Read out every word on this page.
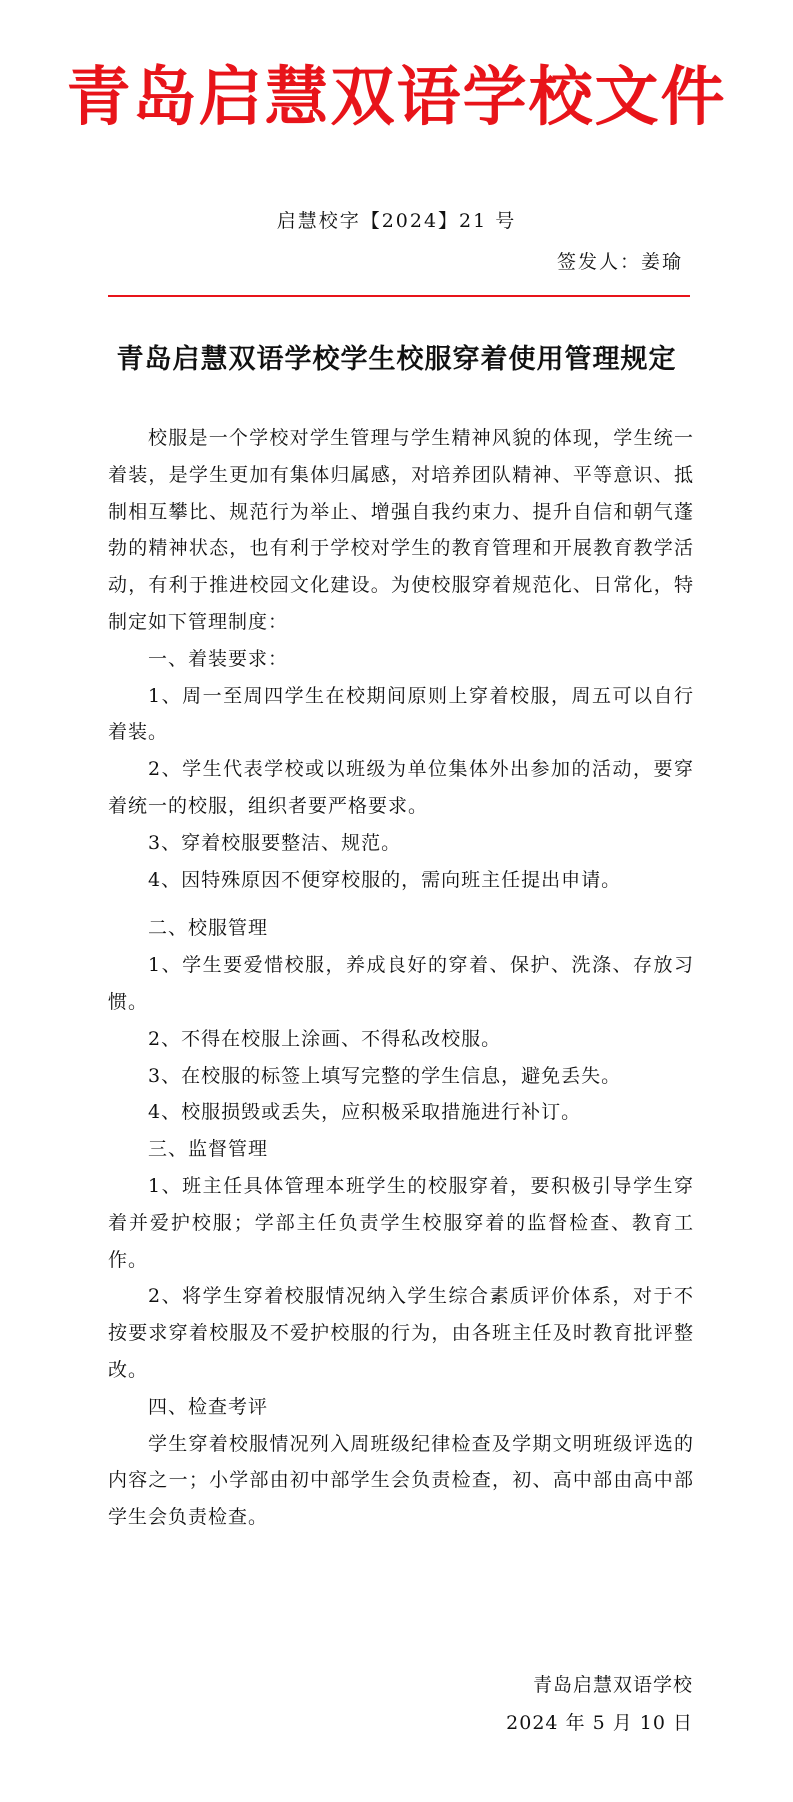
青岛启慧双语学校文件
启慧校字【2024】21 号
签发人：姜瑜
青岛启慧双语学校学生校服穿着使用管理规定

校服是一个学校对学生管理与学生精神风貌的体现，学生统一着装，是学生更加有集体归属感，对培养团队精神、平等意识、抵制相互攀比、规范行为举止、增强自我约束力、提升自信和朝气蓬勃的精神状态，也有利于学校对学生的教育管理和开展教育教学活动，有利于推进校园文化建设。为使校服穿着规范化、日常化，特制定如下管理制度：

一、着装要求：

1、周一至周四学生在校期间原则上穿着校服，周五可以自行着装。

2、学生代表学校或以班级为单位集体外出参加的活动，要穿着统一的校服，组织者要严格要求。

3、穿着校服要整洁、规范。

4、因特殊原因不便穿校服的，需向班主任提出申请。

二、校服管理

1、学生要爱惜校服，养成良好的穿着、保护、洗涤、存放习惯。

2、不得在校服上涂画、不得私改校服。

3、在校服的标签上填写完整的学生信息，避免丢失。

4、校服损毁或丢失，应积极采取措施进行补订。

三、监督管理

1、班主任具体管理本班学生的校服穿着，要积极引导学生穿着并爱护校服；学部主任负责学生校服穿着的监督检查、教育工作。

2、将学生穿着校服情况纳入学生综合素质评价体系，对于不按要求穿着校服及不爱护校服的行为，由各班主任及时教育批评整改。

四、检查考评

学生穿着校服情况列入周班级纪律检查及学期文明班级评选的内容之一；小学部由初中部学生会负责检查，初、高中部由高中部学生会负责检查。

青岛启慧双语学校
2024 年 5 月 10 日
